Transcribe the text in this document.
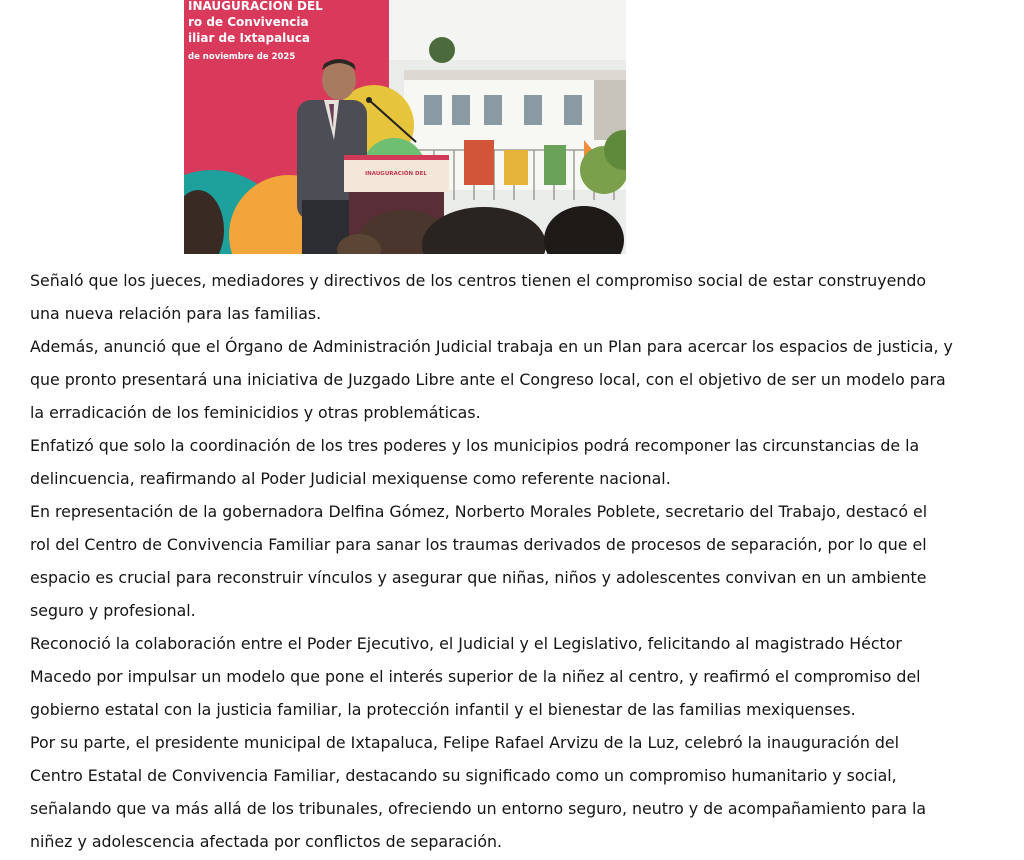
INAUGURACIÓN DEL
ro de Convivencia
iliar de Ixtapaluca
de noviembre de 2025
INAUGURACIÓN DEL

Señaló que los jueces, mediadores y directivos de los centros tienen el compromiso social de estar construyendo

una nueva relación para las familias.

Además, anunció que el Órgano de Administración Judicial trabaja en un Plan para acercar los espacios de justicia, y

que pronto presentará una iniciativa de Juzgado Libre ante el Congreso local, con el objetivo de ser un modelo para

la erradicación de los feminicidios y otras problemáticas.

Enfatizó que solo la coordinación de los tres poderes y los municipios podrá recomponer las circunstancias de la

delincuencia, reafirmando al Poder Judicial mexiquense como referente nacional.

En representación de la gobernadora Delfina Gómez, Norberto Morales Poblete, secretario del Trabajo, destacó el

rol del Centro de Convivencia Familiar para sanar los traumas derivados de procesos de separación, por lo que el

espacio es crucial para reconstruir vínculos y asegurar que niñas, niños y adolescentes convivan en un ambiente

seguro y profesional.

Reconoció la colaboración entre el Poder Ejecutivo, el Judicial y el Legislativo, felicitando al magistrado Héctor

Macedo por impulsar un modelo que pone el interés superior de la niñez al centro, y reafirmó el compromiso del

gobierno estatal con la justicia familiar, la protección infantil y el bienestar de las familias mexiquenses.

Por su parte, el presidente municipal de Ixtapaluca, Felipe Rafael Arvizu de la Luz, celebró la inauguración del

Centro Estatal de Convivencia Familiar, destacando su significado como un compromiso humanitario y social,

señalando que va más allá de los tribunales, ofreciendo un entorno seguro, neutro y de acompañamiento para la

niñez y adolescencia afectada por conflictos de separación.
